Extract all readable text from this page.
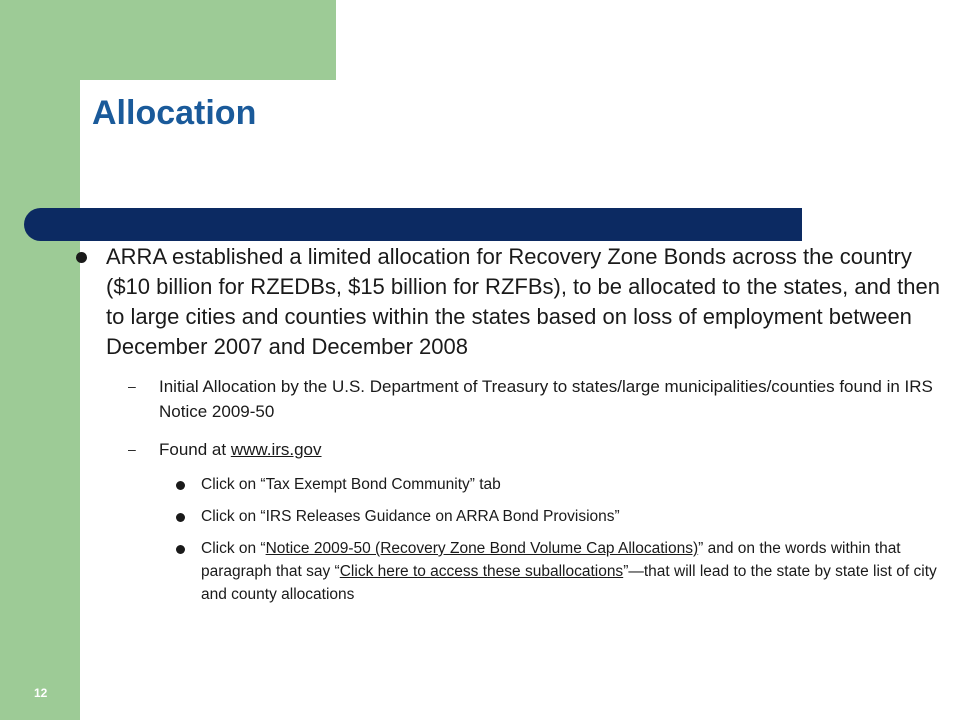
Allocation
ARRA established a limited allocation for Recovery Zone Bonds across the country ($10 billion for RZEDBs, $15 billion for RZFBs), to be allocated to the states, and then to large cities and counties within the states based on loss of employment between December 2007 and December 2008
– Initial Allocation by the U.S. Department of Treasury to states/large municipalities/counties found in IRS Notice 2009-50
– Found at www.irs.gov
Click on “Tax Exempt Bond Community” tab
Click on “IRS Releases Guidance on ARRA Bond Provisions”
Click on “Notice 2009-50 (Recovery Zone Bond Volume Cap Allocations)” and on the words within that paragraph that say “Click here to access these suballocations”—that will lead to the state by state list of city and county allocations
12
